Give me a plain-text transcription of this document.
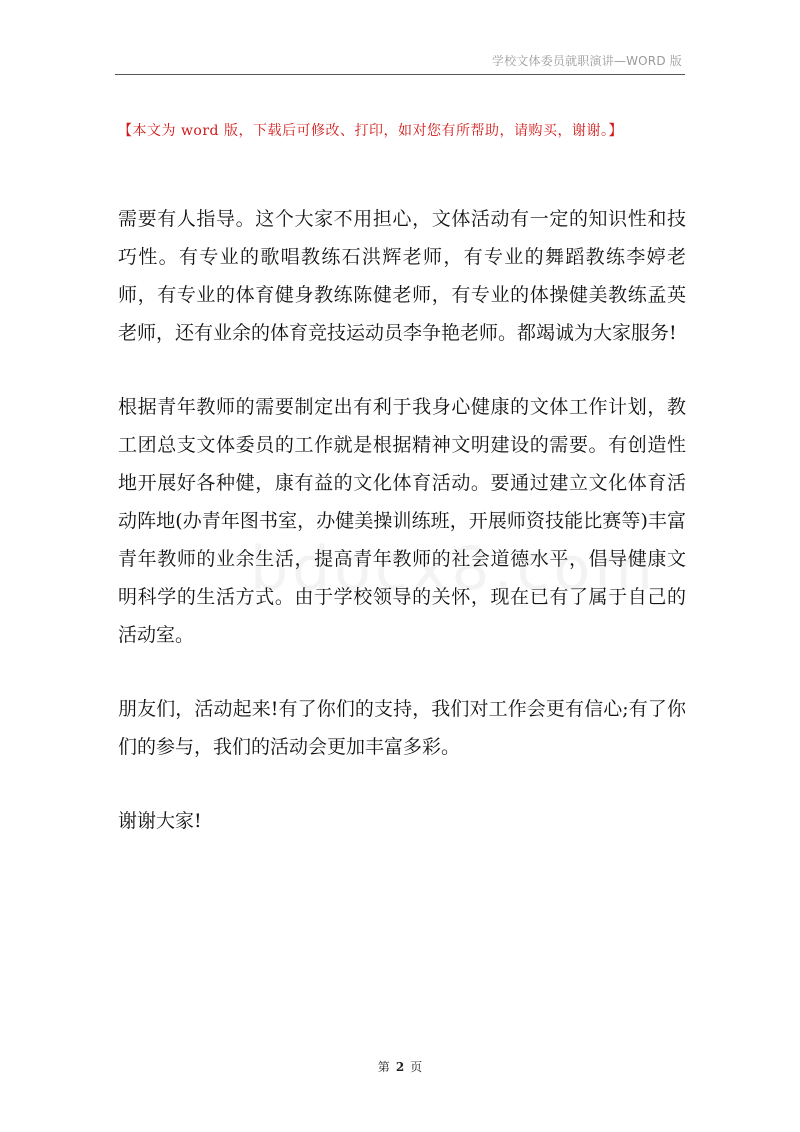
学校文体委员就职演讲—WORD 版
【本文为 word 版，下载后可修改、打印，如对您有所帮助，请购买，谢谢。】

需要有人指导。这个大家不用担心，文体活动有一定的知识性和技巧性。有专业的歌唱教练石洪辉老师，有专业的舞蹈教练李婷老师，有专业的体育健身教练陈健老师，有专业的体操健美教练孟英老师，还有业余的体育竞技运动员李争艳老师。都竭诚为大家服务!

根据青年教师的需要制定出有利于我身心健康的文体工作计划，教工团总支文体委员的工作就是根据精神文明建设的需要。有创造性地开展好各种健，康有益的文化体育活动。要通过建立文化体育活动阵地(办青年图书室，办健美操训练班，开展师资技能比赛等)丰富青年教师的业余生活，提高青年教师的社会道德水平，倡导健康文明科学的生活方式。由于学校领导的关怀，现在已有了属于自己的活动室。

朋友们，活动起来!有了你们的支持，我们对工作会更有信心;有了你们的参与，我们的活动会更加丰富多彩。

谢谢大家!

第 2 页
